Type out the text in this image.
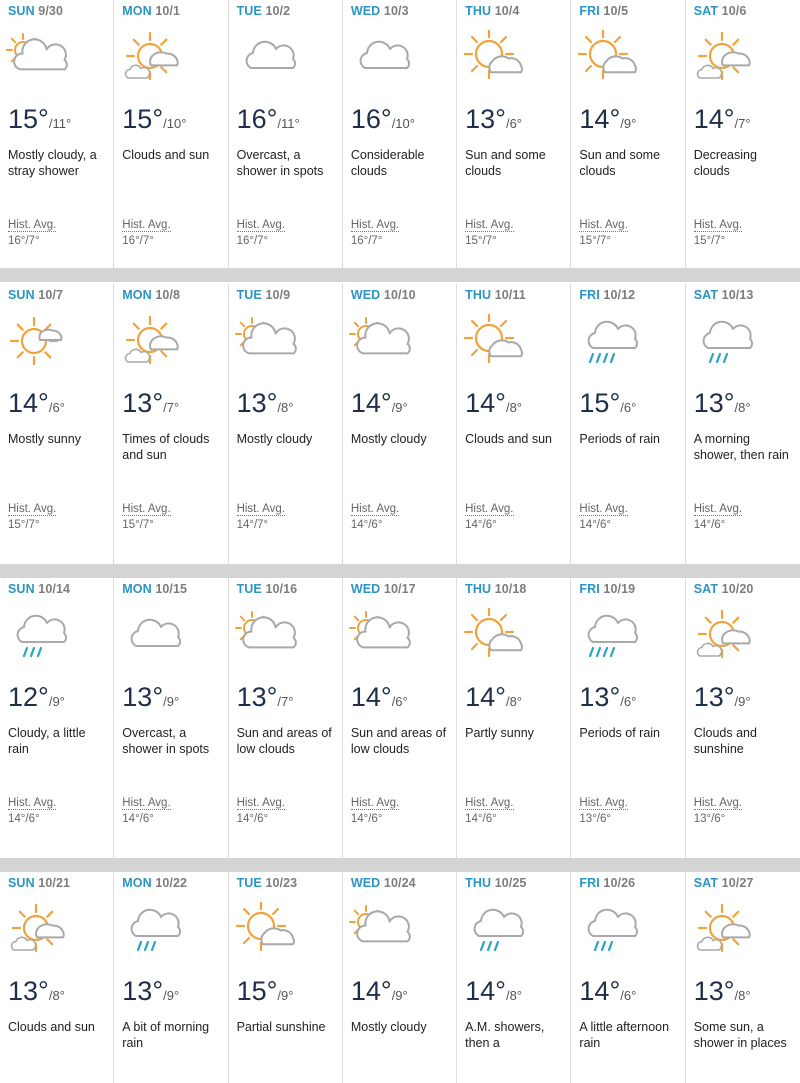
SUN 9/30
15°/11°
Mostly cloudy, a stray shower
Hist. Avg.
16°/7°
MON 10/1
15°/10°
Clouds and sun
Hist. Avg.
16°/7°
TUE 10/2
16°/11°
Overcast, a shower in spots
Hist. Avg.
16°/7°
WED 10/3
16°/10°
Considerable clouds
Hist. Avg.
16°/7°
THU 10/4
13°/6°
Sun and some clouds
Hist. Avg.
15°/7°
FRI 10/5
14°/9°
Sun and some clouds
Hist. Avg.
15°/7°
SAT 10/6
14°/7°
Decreasing clouds
Hist. Avg.
15°/7°
SUN 10/7
14°/6°
Mostly sunny
Hist. Avg.
15°/7°
MON 10/8
13°/7°
Times of clouds and sun
Hist. Avg.
15°/7°
TUE 10/9
13°/8°
Mostly cloudy
Hist. Avg.
14°/7°
WED 10/10
14°/9°
Mostly cloudy
Hist. Avg.
14°/6°
THU 10/11
14°/8°
Clouds and sun
Hist. Avg.
14°/6°
FRI 10/12
15°/6°
Periods of rain
Hist. Avg.
14°/6°
SAT 10/13
13°/8°
A morning shower, then rain
Hist. Avg.
14°/6°
SUN 10/14
12°/9°
Cloudy, a little rain
Hist. Avg.
14°/6°
MON 10/15
13°/9°
Overcast, a shower in spots
Hist. Avg.
14°/6°
TUE 10/16
13°/7°
Sun and areas of low clouds
Hist. Avg.
14°/6°
WED 10/17
14°/6°
Sun and areas of low clouds
Hist. Avg.
14°/6°
THU 10/18
14°/8°
Partly sunny
Hist. Avg.
14°/6°
FRI 10/19
13°/6°
Periods of rain
Hist. Avg.
13°/6°
SAT 10/20
13°/9°
Clouds and sunshine
Hist. Avg.
13°/6°
SUN 10/21
13°/8°
Clouds and sun
MON 10/22
13°/9°
A bit of morning rain
TUE 10/23
15°/9°
Partial sunshine
WED 10/24
14°/9°
Mostly cloudy
THU 10/25
14°/8°
A.M. showers, then a
FRI 10/26
14°/6°
A little afternoon rain
SAT 10/27
13°/8°
Some sun, a shower in places
